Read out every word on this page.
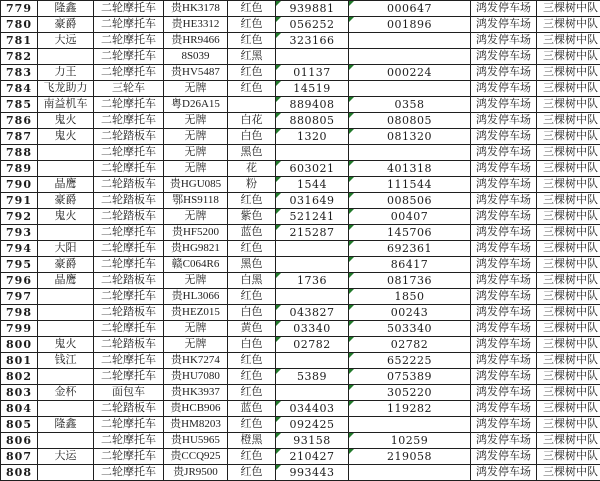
779	隆鑫	二轮摩托车	贵HK3178	红色	939881	000647	鸿发停车场	三棵树中队
780	豪爵	二轮摩托车	贵HE3312	红色	056252	001896	鸿发停车场	三棵树中队
781	大远	二轮摩托车	贵HR9466	红色	323166		鸿发停车场	三棵树中队
782		二轮摩托车	8S039	红黑			鸿发停车场	三棵树中队
783	力王	二轮摩托车	贵HV5487	红色	01137	000224	鸿发停车场	三棵树中队
784	飞龙助力	三轮车	无牌	红色	14519		鸿发停车场	三棵树中队
785	南益机车	二轮摩托车	粤D26A15		889408	0358	鸿发停车场	三棵树中队
786	鬼火	二轮摩托车	无牌	白花	880805	080805	鸿发停车场	三棵树中队
787	鬼火	二轮踏板车	无牌	白色	1320	081320	鸿发停车场	三棵树中队
788		二轮摩托车	无牌	黑色			鸿发停车场	三棵树中队
789		二轮摩托车	无牌	花	603021	401318	鸿发停车场	三棵树中队
790	晶鹰	二轮踏板车	贵HGU085	粉	1544	111544	鸿发停车场	三棵树中队
791	豪爵	二轮踏板车	鄂HS9118	红色	031649	008506	鸿发停车场	三棵树中队
792	鬼火	二轮踏板车	无牌	紫色	521241	00407	鸿发停车场	三棵树中队
793		二轮摩托车	贵HF5200	蓝色	215287	145706	鸿发停车场	三棵树中队
794	大阳	二轮摩托车	贵HG9821	红色		692361	鸿发停车场	三棵树中队
795	豪爵	二轮摩托车	赣C064R6	黑色		86417	鸿发停车场	三棵树中队
796	晶鹰	二轮踏板车	无牌	白黑	1736	081736	鸿发停车场	三棵树中队
797		二轮摩托车	贵HL3066	红色		1850	鸿发停车场	三棵树中队
798		二轮踏板车	贵HEZ015	白色	043827	00243	鸿发停车场	三棵树中队
799		二轮摩托车	无牌	黄色	03340	503340	鸿发停车场	三棵树中队
800	鬼火	二轮踏板车	无牌	白色	02782	02782	鸿发停车场	三棵树中队
801	钱江	二轮摩托车	贵HK7274	红色		652225	鸿发停车场	三棵树中队
802		二轮摩托车	贵HU7080	红色	5389	075389	鸿发停车场	三棵树中队
803	金杯	面包车	贵HK3937	红色		305220	鸿发停车场	三棵树中队
804		二轮踏板车	贵HCB906	蓝色	034403	119282	鸿发停车场	三棵树中队
805	隆鑫	二轮摩托车	贵HM8203	红色	092425		鸿发停车场	三棵树中队
806		二轮摩托车	贵HU5965	橙黑	93158	10259	鸿发停车场	三棵树中队
807	大运	二轮摩托车	贵CCQ925	红色	210427	219058	鸿发停车场	三棵树中队
808		二轮摩托车	贵JR9500	红色	993443		鸿发停车场	三棵树中队
